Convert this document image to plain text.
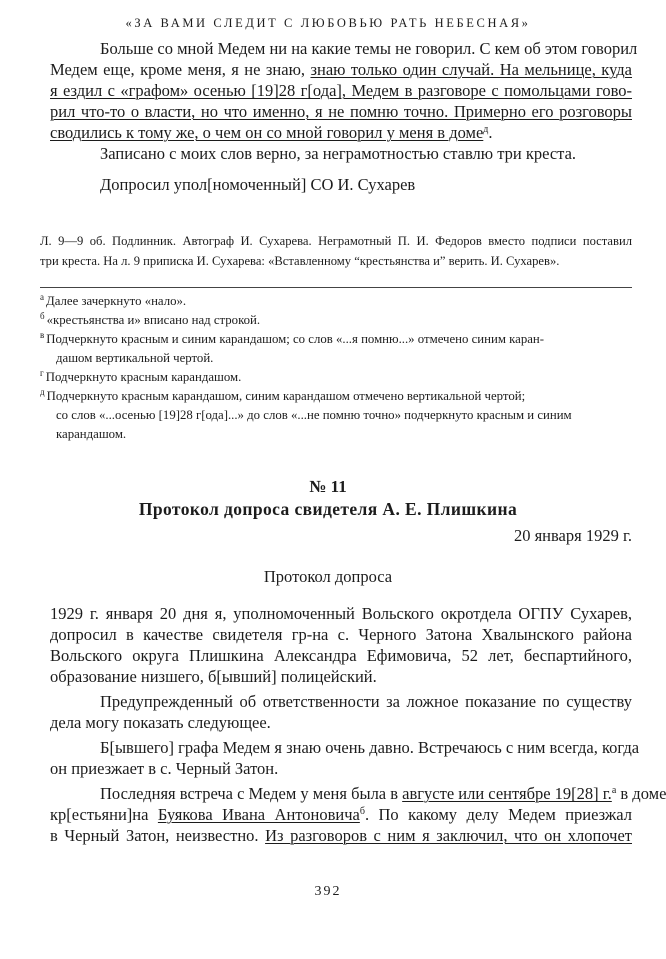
«ЗА ВАМИ СЛЕДИТ С ЛЮБОВЬЮ РАТЬ НЕБЕСНАЯ»
Больше со мной Медем ни на какие темы не говорил. С кем об этом говорил
Медем еще, кроме меня, я не знаю, знаю только один случай. На мельнице, куда
я ездил с «графом» осенью [19]28 г[ода], Медем в разговоре с помольцами гово-
рил что-то о власти, но что именно, я не помню точно. Примерно его розговоры
сводились к тому же, о чем он со мной говорил у меня в доме$^д$.
Записано с моих слов верно, за неграмотностью ставлю три креста.
Допросил упол[номоченный] СО И. Сухарев
Л. 9—9 об. Подлинник. Автограф И. Сухарева. Неграмотный П. И. Федоров вместо подписи поставил
три креста. На л. 9 приписка И. Сухарева: «Вставленному “крестьянства и” верить. И. Сухарев».
$^а$ Далее зачеркнуто «нало».
$^б$ «крестьянства и» вписано над строкой.
$^в$ Подчеркнуто красным и синим карандашом; со слов «...я помню...» отмечено синим каран-
дашом вертикальной чертой.
$^г$ Подчеркнуто красным карандашом.
$^д$ Подчеркнуто красным карандашом, синим карандашом отмечено вертикальной чертой;
со слов «...осенью [19]28 г[ода]...» до слов «...не помню точно» подчеркнуто красным и синим
карандашом.
№ 11
Протокол допроса свидетеля А. Е. Плишкина
20 января 1929 г.
Протокол допроса
1929 г. января 20 дня я, уполномоченный Вольского окротдела ОГПУ Сухарев,
допросил в качестве свидетеля гр-на с. Черного Затона Хвалынского района
Вольского округа Плишкина Александра Ефимовича, 52 лет, беспартийного,
образование низшего, б[ывший] полицейский.
Предупрежденный об ответственности за ложное показание по существу
дела могу показать следующее.
Б[ывшего] графа Медем я знаю очень давно. Встречаюсь с ним всегда, когда
он приезжает в с. Черный Затон.
Последняя встреча с Медем у меня была в августе или сентябре 19[28] г.$^а$ в доме
кр[естьяни]на Буякова Ивана Антоновича$^б$. По какому делу Медем приезжал
в Черный Затон, неизвестно. Из разговоров с ним я заключил, что он хлопочет
392
